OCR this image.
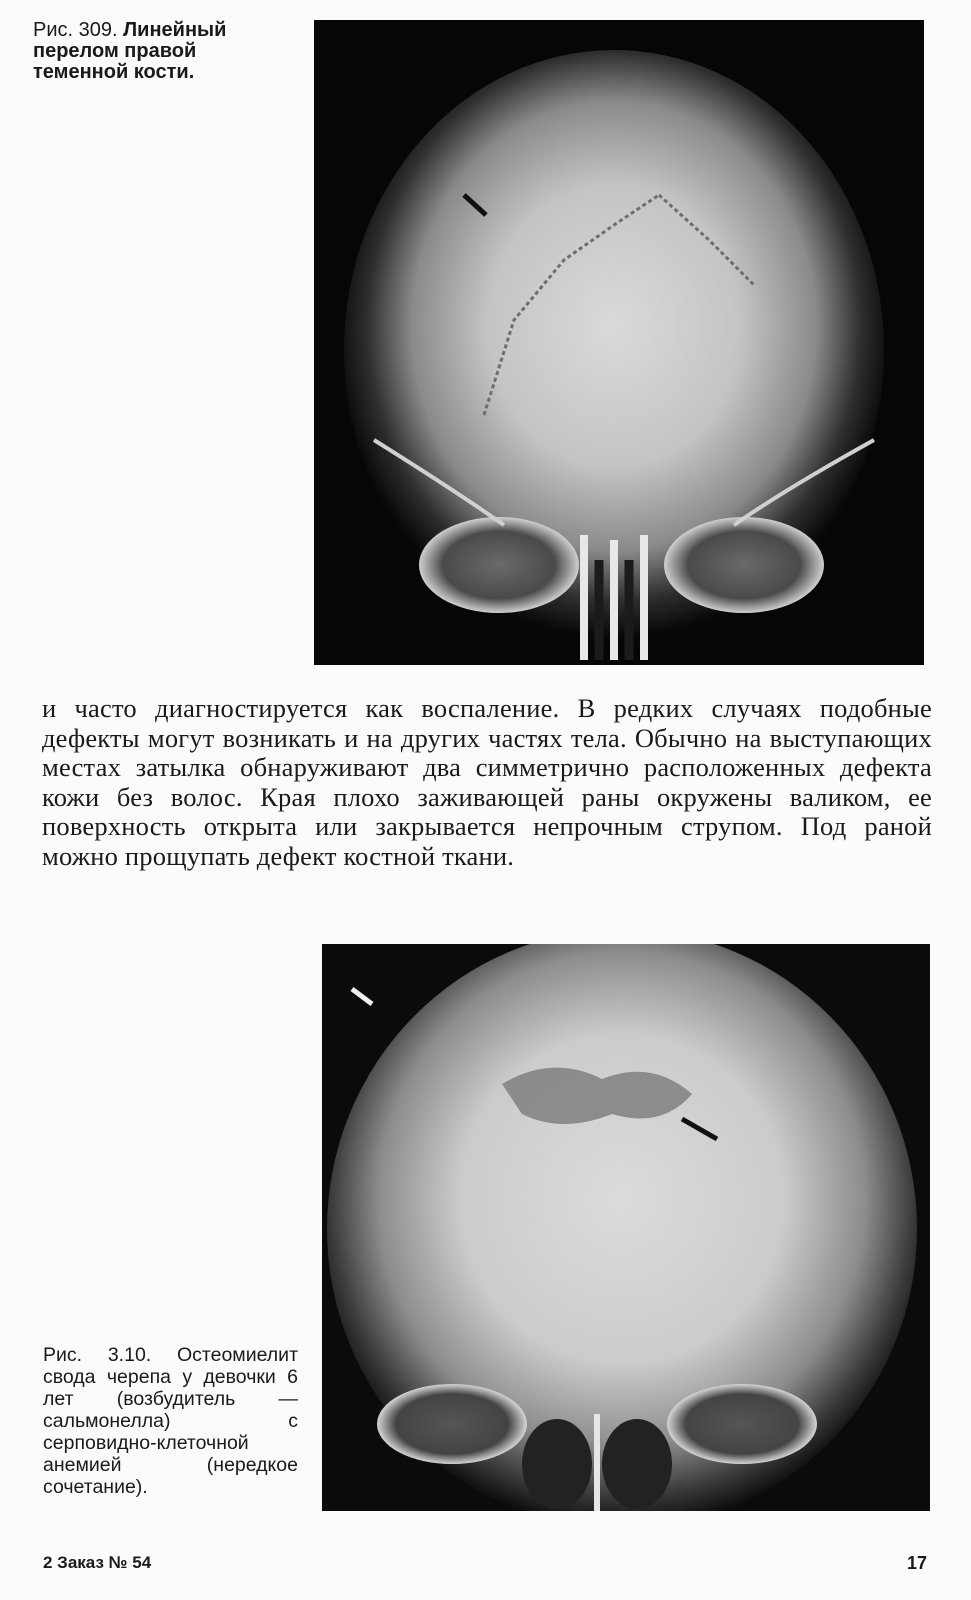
Рис. 309. Линейный перелом правой теменной кости.
и часто диагностируется как воспаление. В редких случаях подобные дефекты могут возникать и на других частях тела. Обычно на выступающих местах затылка обнаруживают два симметрично расположенных дефекта кожи без волос. Края плохо заживающей раны окружены валиком, ее поверхность открыта или закрывается непрочным струпом. Под раной можно прощупать дефект костной ткани.
Рис. 3.10. Остеомиелит свода черепа у девочки 6 лет (возбудитель — сальмонелла) с серповидно-клеточной анемией (нередкое сочетание).
2 Заказ № 54	17
